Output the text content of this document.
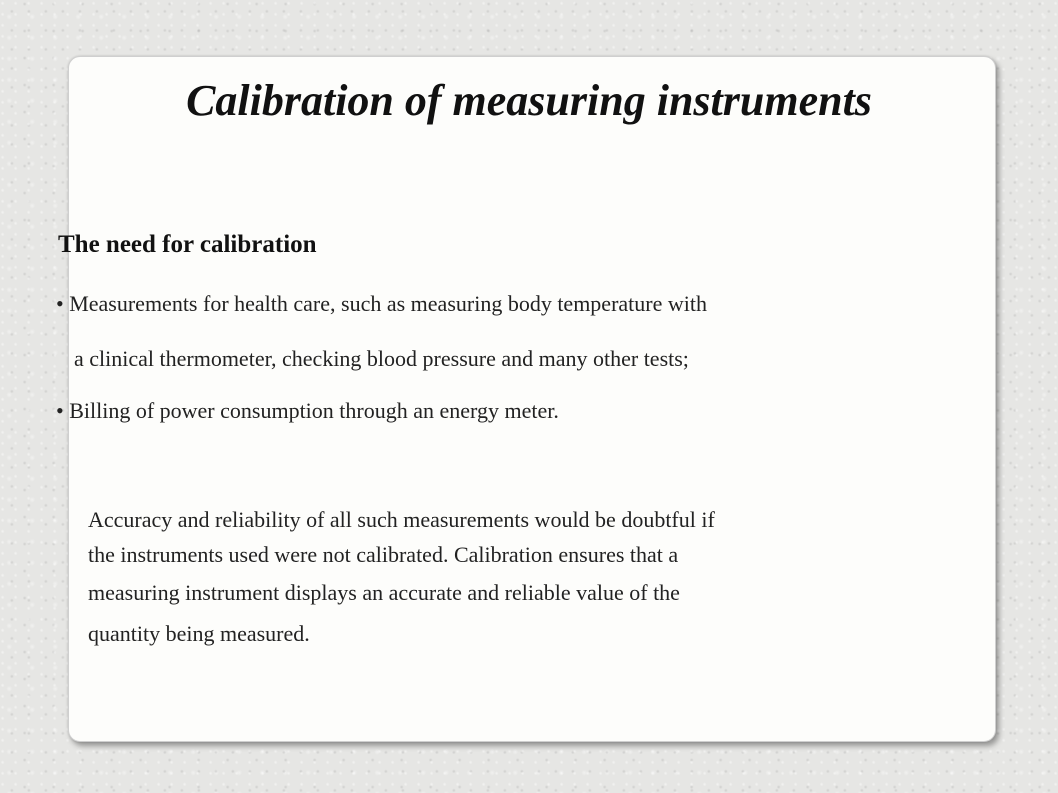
Calibration of measuring instruments
The need for calibration
• Measurements for health care, such as measuring body temperature with
a clinical thermometer, checking blood pressure and many other tests;
• Billing of power consumption through an energy meter.
Accuracy and reliability of all such measurements would be doubtful if
the instruments used were not calibrated. Calibration ensures that a
measuring instrument displays an accurate and reliable value of the
quantity being measured.
